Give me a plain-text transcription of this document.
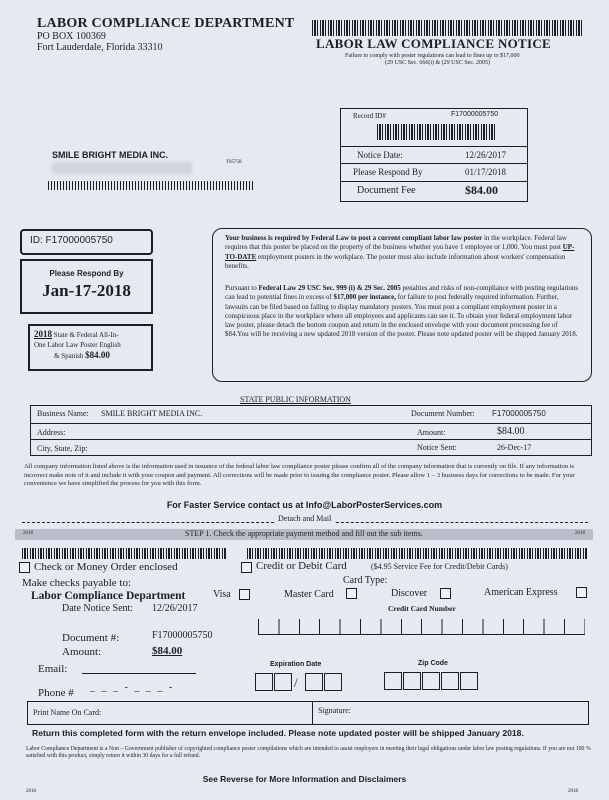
LABOR COMPLIANCE DEPARTMENT
PO BOX 100369
Fort Lauderdale, Florida 33310	LABOR LAW COMPLIANCE NOTICE
Failure to comply with poster regulations can lead to fines up to $17,000
(29 USC Sec. 666(i) & (29 USC Sec. 2005)
SMILE BRIGHT MEDIA INC.
T05758
Record ID#	F17000005750
Notice Date:	12/26/2017
Please Respond By	01/17/2018
Document Fee	$84.00
ID: F17000005750
Please Respond By
Jan-17-2018
2018 State & Federal All-In-
One Labor Law Poster English
& Spanish $84.00
Your business is required by Federal Law to post a current compliant labor law poster in the workplace. Federal law requires that this poster be placed on the property of the business whether you have 1 employee or 1,000. You must post UP-TO-DATE employment posters in the workplace. The poster must also include information about workers' compensation benefits.
Pursuant to Federal Law 29 USC Sec. 999 (i) & 29 Sec. 2005 penalties and risks of non-compliance with posting regulations can lead to potential fines in excess of $17,000 per instance, for failure to post federally required information. Further, lawsuits can be filed based on failing to display mandatory posters. You must post a compliant employment poster in a conspicuous place in the workplace where all employees and applicants can see it. To obtain your federal employment labor law poster, please detach the bottom coupon and return in the enclosed envelope with your document processing fee of $84.You will be receiving a new updated 2018 version of the poster. Please note updated poster will be shipped January 2018.
STATE PUBLIC INFORMATION
Business Name: SMILE BRIGHT MEDIA INC.	Document Number: F17000005750
Address:	Amount:	$84.00
City, State, Zip:	Notice Sent:	26-Dec-17
All company information listed above is the information used in issuance of the federal labor law compliance poster please confirm all of the company information that is currently on file. If any information is incorrect make note of it and include it with your coupon and payment. All corrections will be made prior to issuing the compliance poster. Please allow 1 – 3 business days for corrections to be made. For your convenience we have simplified the process for you with this form.
For Faster Service contact us at Info@LaborPosterServices.com
Detach and Mail
2018	STEP 1. Check the appropriate payment method and fill out the sub items.	2018
Check or Money Order enclosed	Credit or Debit Card	($4.95 Service Fee for Credit/Debit Cards)
Make checks payable to:	Card Type:
Labor Compliance Department	Visa	Master Card	Discover	American Express
Date Notice Sent: 12/26/2017	Credit Card Number
Document #:	F17000005750
Amount:	$84.00
Email:	Expiration Date	Zip Code
/
Phone # _ _ _ - _ _ _ -
Print Name On Card:	Signature:
Return this completed form with the return envelope included. Please note updated poster will be shipped January 2018.
Labor Compliance Department is a Non – Government publisher of copyrighted compliance poster compilations which are intended to assist employers in meeting their legal obligations under labor law posting regulations. If you are not 100 % satisfied with this product, simply return it within 30 days for a full refund.
See Reverse for More Information and Disclaimers
2018	2018
